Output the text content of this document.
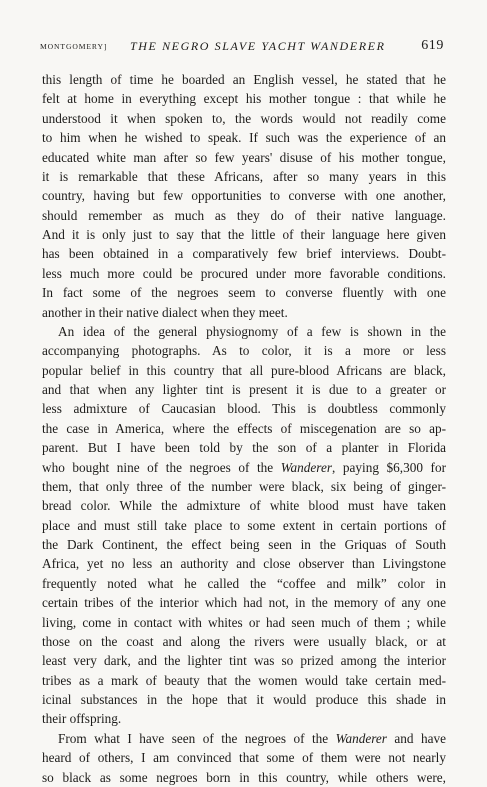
MONTGOMERY] THE NEGRO SLAVE YACHT WANDERER	619
this length of time he boarded an English vessel, he stated that he
felt at home in everything except his mother tongue : that while he
understood it when spoken to, the words would not readily come
to him when he wished to speak. If such was the experience of an
educated white man after so few years' disuse of his mother tongue,
it is remarkable that these Africans, after so many years in this
country, having but few opportunities to converse with one another,
should remember as much as they do of their native language.
And it is only just to say that the little of their language here given
has been obtained in a comparatively few brief interviews. Doubt-
less much more could be procured under more favorable conditions.
In fact some of the negroes seem to converse fluently with one
another in their native dialect when they meet.
An idea of the general physiognomy of a few is shown in the
accompanying photographs. As to color, it is a more or less
popular belief in this country that all pure-blood Africans are black,
and that when any lighter tint is present it is due to a greater or
less admixture of Caucasian blood. This is doubtless commonly
the case in America, where the effects of miscegenation are so ap-
parent. But I have been told by the son of a planter in Florida
who bought nine of the negroes of the Wanderer, paying $6,300 for
them, that only three of the number were black, six being of ginger-
bread color. While the admixture of white blood must have taken
place and must still take place to some extent in certain portions of
the Dark Continent, the effect being seen in the Griquas of South
Africa, yet no less an authority and close observer than Livingstone
frequently noted what he called the “coffee and milk” color in
certain tribes of the interior which had not, in the memory of any one
living, come in contact with whites or had seen much of them ; while
those on the coast and along the rivers were usually black, or at
least very dark, and the lighter tint was so prized among the interior
tribes as a mark of beauty that the women would take certain med-
icinal substances in the hope that it would produce this shade in
their offspring.
From what I have seen of the negroes of the Wanderer and have
heard of others, I am convinced that some of them were not nearly
so black as some negroes born in this country, while others were,
